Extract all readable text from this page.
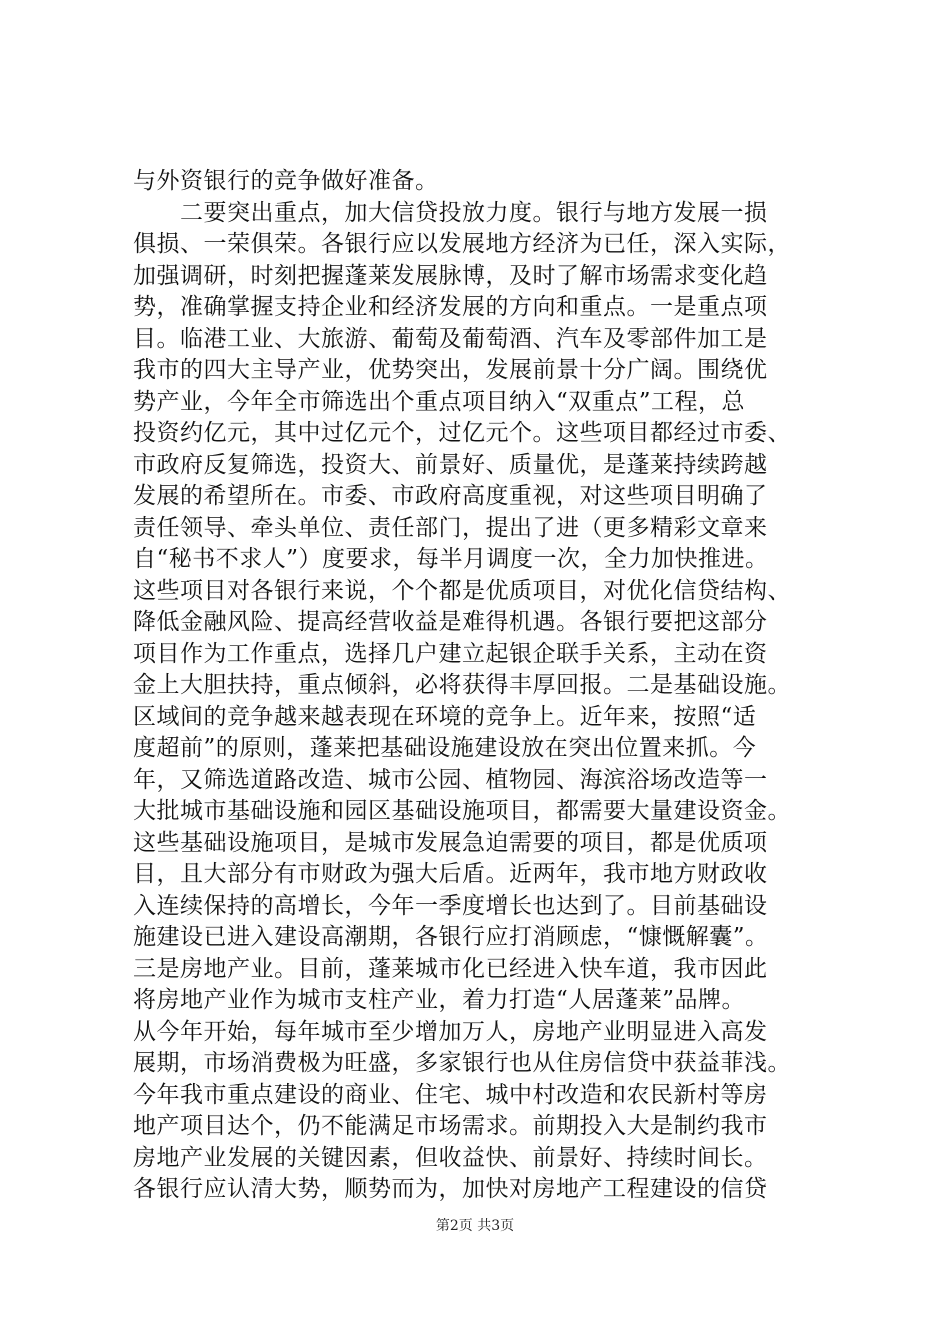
与外资银行的竞争做好准备。
　　二要突出重点，加大信贷投放力度。银行与地方发展一损
俱损、一荣俱荣。各银行应以发展地方经济为已任，深入实际，
加强调研，时刻把握蓬莱发展脉博，及时了解市场需求变化趋
势，准确掌握支持企业和经济发展的方向和重点。一是重点项
目。临港工业、大旅游、葡萄及葡萄酒、汽车及零部件加工是
我市的四大主导产业，优势突出，发展前景十分广阔。围绕优
势产业，今年全市筛选出个重点项目纳入“双重点”工程，总
投资约亿元，其中过亿元个，过亿元个。这些项目都经过市委、
市政府反复筛选，投资大、前景好、质量优，是蓬莱持续跨越
发展的希望所在。市委、市政府高度重视，对这些项目明确了
责任领导、牵头单位、责任部门，提出了进（更多精彩文章来
自“秘书不求人”）度要求，每半月调度一次，全力加快推进。
这些项目对各银行来说，个个都是优质项目，对优化信贷结构、
降低金融风险、提高经营收益是难得机遇。各银行要把这部分
项目作为工作重点，选择几户建立起银企联手关系，主动在资
金上大胆扶持，重点倾斜，必将获得丰厚回报。二是基础设施。
区域间的竞争越来越表现在环境的竞争上。近年来，按照“适
度超前”的原则，蓬莱把基础设施建设放在突出位置来抓。今
年，又筛选道路改造、城市公园、植物园、海滨浴场改造等一
大批城市基础设施和园区基础设施项目，都需要大量建设资金。
这些基础设施项目，是城市发展急迫需要的项目，都是优质项
目，且大部分有市财政为强大后盾。近两年，我市地方财政收
入连续保持的高增长，今年一季度增长也达到了。目前基础设
施建设已进入建设高潮期，各银行应打消顾虑，“慷慨解囊”。
三是房地产业。目前，蓬莱城市化已经进入快车道，我市因此
将房地产业作为城市支柱产业，着力打造“人居蓬莱”品牌。
从今年开始，每年城市至少增加万人，房地产业明显进入高发
展期，市场消费极为旺盛，多家银行也从住房信贷中获益菲浅。
今年我市重点建设的商业、住宅、城中村改造和农民新村等房
地产项目达个，仍不能满足市场需求。前期投入大是制约我市
房地产业发展的关键因素，但收益快、前景好、持续时间长。
各银行应认清大势，顺势而为，加快对房地产工程建设的信贷
第2页 共3页
